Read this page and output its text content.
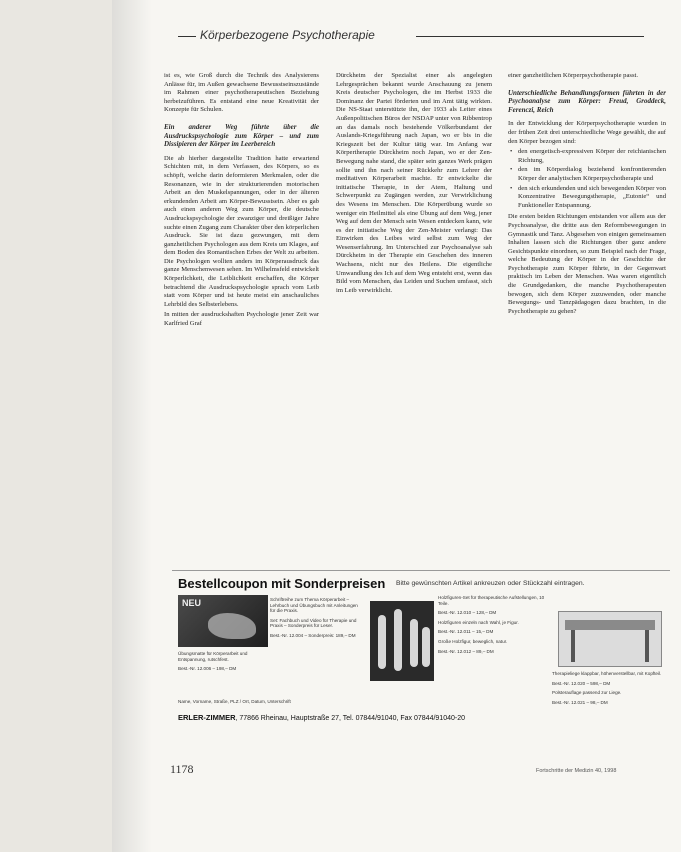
Körperbezogene Psychotherapie

ist es, wie Groß durch die Technik des Analysierens Anlässe für, im Außen gewachsene Bewusstseinszustände im Rahmen einer psychotherapeutischen Beziehung herbeizuführen. Es entstand eine neue Kreativität der Konzepte für Schulen.

Ein anderer Weg führte über die Ausdruckspsychologie zum Körper – und zum Dissipieren der Körper im Leerbereich

Die ab hierher dargestellte Tradition hatte erwartend Schichten mit, in dem Verfassen, des Körpers, so es schöpft, welche darin deformieren Merkmalen, oder die Resonanzen, wie in der strukturierenden motorischen Arbeit an den Muskelspannungen, oder in der älteren erkundenden Arbeit am Körper-Bewusstsein. Aber es gab auch einen anderen Weg zum Körper, die deutsche Ausdruckspsychologie der zwanziger und dreißiger Jahre suchte einen Zugang zum Charakter über den körperlichen Ausdruck. Sie ist dazu gezwungen, mit dem ganzheitlichen Psychologen aus dem Kreis um Klages, auf dem Boden des Romantischen Erbes der Welt zu arbeiten. Die Psychologen wollten anders im Körperausdruck das ganze Menschenwesen sehen. Im Wilhelmsfeld entwickelt Körperlichkeit, die Leiblichkeit erschaffen, die Körper betrachtend die Ausdruckspsychologie sprach vom Leib statt vom Körper und ist heute meist ein anschauliches Lehrbild des Selbsterlebens.

In mitten der ausdruckshaften Psychologie jener Zeit war Karlfried Graf

Dürckheim der Spezialist einer als angelegten Lehrgesprächen bekannt wurde Anschauung zu jenem Kreis deutscher Psychologen, die im Herbst 1933 die Dominanz der Partei förderten und im Amt tätig wirkten. Die NS-Staat unterstützte ihn, der 1933 als Leiter eines Außenpolitischen Büros der NSDAP unter von Ribbentrop an das damals noch bestehende Völkerbundamt der Auslands-Kriegsführung nach Japan, wo er bis in die Kriegszeit bei der Kultur tätig war. Im Anfang war Körpertherapie Dürckheim noch Japan, wo er der Zen-Bewegung nahe stand, die später sein ganzes Werk prägen sollte und ihn nach seiner Rückkehr zum Lehrer der meditativen Körperarbeit machte. Er entwickelte die initiatische Therapie, in der Atem, Haltung und Schwerpunkt zu Zugängen werden, zur Verwirklichung des Wesens im Menschen. Die Körperübung wurde so weniger ein Heilmittel als eine Übung auf dem Weg, jener Weg auf dem der Mensch sein Wesen entdecken kann, wie es der initiatische Weg der Zen-Meister verlangt: Das Einwirken des Leibes wird selbst zum Weg der Wesenserfahrung. Im Unterschied zur Psychoanalyse sah Dürckheim in der Therapie ein Geschehen des inneren Wachsens, nicht nur des Heilens. Die eigentliche Umwandlung des Ich auf dem Weg entsteht erst, wenn das Bild vom Menschen, das Leiden und Suchen umfasst, sich im Leib verwirklicht.

einer ganzheitlichen Körperpsychotherapie passt.

Unterschiedliche Behandlungsformen führten in der Psychoanalyse zum Körper: Freud, Groddeck, Ferenczi, Reich

In der Entwicklung der Körperpsychotherapie wurden in der frühen Zeit drei unterschiedliche Wege gewählt, die auf den Körper bezogen sind:

• den energetisch-expressiven Körper der reichianischen Richtung,
• den im Körperdialog beziehend konfrontierenden Körper der analytischen Körperpsychotherapie und
• den sich erkundenden und sich bewegenden Körper von Konzentrative Bewegungstherapie, „Eutonie“ und Funktioneller Entspannung.

Die ersten beiden Richtungen entstanden vor allem aus der Psychoanalyse, die dritte aus den Reformbewegungen in Gymnastik und Tanz. Abgesehen von einigen gemeinsamen Inhalten lassen sich die Richtungen über ganz andere Gesichtspunkte einordnen, so zum Beispiel nach der Frage, welche Bedeutung der Körper in der Geschichte der Psychotherapie zum Körper führte, in der Gegenwart praktisch im Leben der Menschen. Was waren eigentlich die Grundgedanken, die manche Psychotherapeuten bewogen, sich dem Körper zuzuwenden, oder manche Bewegungs- und Tanzpädagogen dazu brachten, in die Psychotherapie zu gehen?

Bestellcoupon mit Sonderpreisen Bitte gewünschten Artikel ankreuzen oder Stückzahl eintragen.
NEU	Schriftreihe zum Thema Körperarbeit – Lehrbuch und Übungsbuch mit Anleitungen für die Praxis.
Set: Fachbuch und Video für Therapie und Praxis – Sonderpreis für Leser.
Best.-Nr. 12.004 – Sonderpreis: 189,– DM
Übungsmatte für Körperarbeit und Entspannung, rutschfest.
Best.-Nr. 12.006 – 198,– DM
Holzfiguren-Set für therapeutische Aufstellungen, 10 Teile.
Best.-Nr. 12.010 – 128,– DM
Holzfiguren einzeln nach Wahl, je Figur.
Best.-Nr. 12.011 – 15,– DM
Große Holzfigur, beweglich, natur.
Best.-Nr. 12.012 – 89,– DM
Therapieliege klappbar, höhenverstellbar, mit Kopfteil.
Best.-Nr. 12.020 – 598,– DM
Polsterauflage passend zur Liege.
Best.-Nr. 12.021 – 98,– DM
Name, Vorname, Straße, PLZ / Ort, Datum, Unterschrift
ERLER-ZIMMER, 77866 Rheinau, Hauptstraße 27, Tel. 07844/91040, Fax 07844/91040-20
1178	Fortschritte der Medizin 40, 1998
